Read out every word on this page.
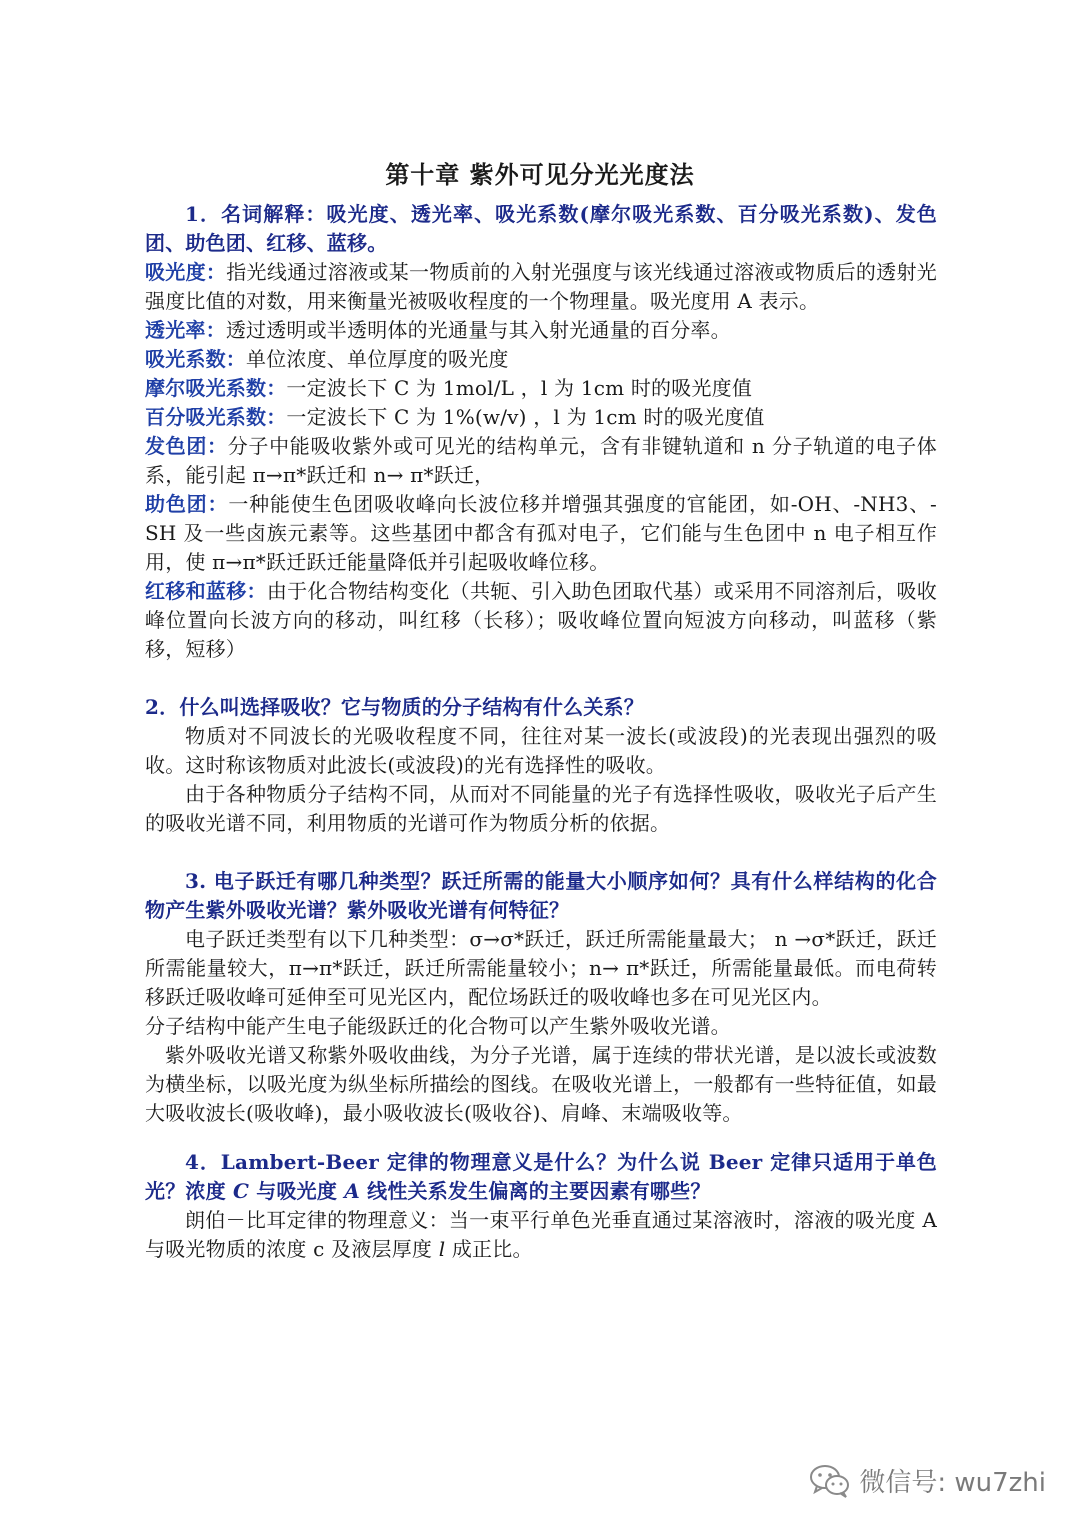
第十章 紫外可见分光光度法

1．名词解释：吸光度、透光率、吸光系数(摩尔吸光系数、百分吸光系数)、发色团、助色团、红移、蓝移。

吸光度：指光线通过溶液或某一物质前的入射光强度与该光线通过溶液或物质后的透射光强度比值的对数，用来衡量光被吸收程度的一个物理量。吸光度用 A 表示。

透光率：透过透明或半透明体的光通量与其入射光通量的百分率。

吸光系数：单位浓度、单位厚度的吸光度

摩尔吸光系数：一定波长下 C 为 1mol/L ，l 为 1cm 时的吸光度值

百分吸光系数：一定波长下 C 为 1%(w/v) ，l 为 1cm 时的吸光度值

发色团：分子中能吸收紫外或可见光的结构单元，含有非键轨道和 n 分子轨道的电子体系，能引起 π→π*跃迁和 n→ π*跃迁，

助色团：一种能使生色团吸收峰向长波位移并增强其强度的官能团，如-OH、-NH3、-SH 及一些卤族元素等。这些基团中都含有孤对电子，它们能与生色团中 n 电子相互作用，使 π→π*跃迁跃迁能量降低并引起吸收峰位移。

红移和蓝移：由于化合物结构变化（共轭、引入助色团取代基）或采用不同溶剂后，吸收峰位置向长波方向的移动，叫红移（长移）；吸收峰位置向短波方向移动，叫蓝移（紫移，短移）

2．什么叫选择吸收？它与物质的分子结构有什么关系？

物质对不同波长的光吸收程度不同，往往对某一波长(或波段)的光表现出强烈的吸收。这时称该物质对此波长(或波段)的光有选择性的吸收。

由于各种物质分子结构不同，从而对不同能量的光子有选择性吸收，吸收光子后产生的吸收光谱不同，利用物质的光谱可作为物质分析的依据。

3. 电子跃迁有哪几种类型？跃迁所需的能量大小顺序如何？具有什么样结构的化合物产生紫外吸收光谱？紫外吸收光谱有何特征？

电子跃迁类型有以下几种类型：σ→σ*跃迁，跃迁所需能量最大； n →σ*跃迁，跃迁所需能量较大，π→π*跃迁，跃迁所需能量较小；n→ π*跃迁，所需能量最低。而电荷转移跃迁吸收峰可延伸至可见光区内，配位场跃迁的吸收峰也多在可见光区内。

分子结构中能产生电子能级跃迁的化合物可以产生紫外吸收光谱。

紫外吸收光谱又称紫外吸收曲线，为分子光谱，属于连续的带状光谱，是以波长或波数为横坐标，以吸光度为纵坐标所描绘的图线。在吸收光谱上，一般都有一些特征值，如最大吸收波长(吸收峰)，最小吸收波长(吸收谷)、肩峰、末端吸收等。

4．Lambert-Beer 定律的物理意义是什么？为什么说 Beer 定律只适用于单色光？浓度 C 与吸光度 A 线性关系发生偏离的主要因素有哪些？

朗伯－比耳定律的物理意义：当一束平行单色光垂直通过某溶液时，溶液的吸光度 A 与吸光物质的浓度 c 及液层厚度 l 成正比。

微信号: wu7zhi
